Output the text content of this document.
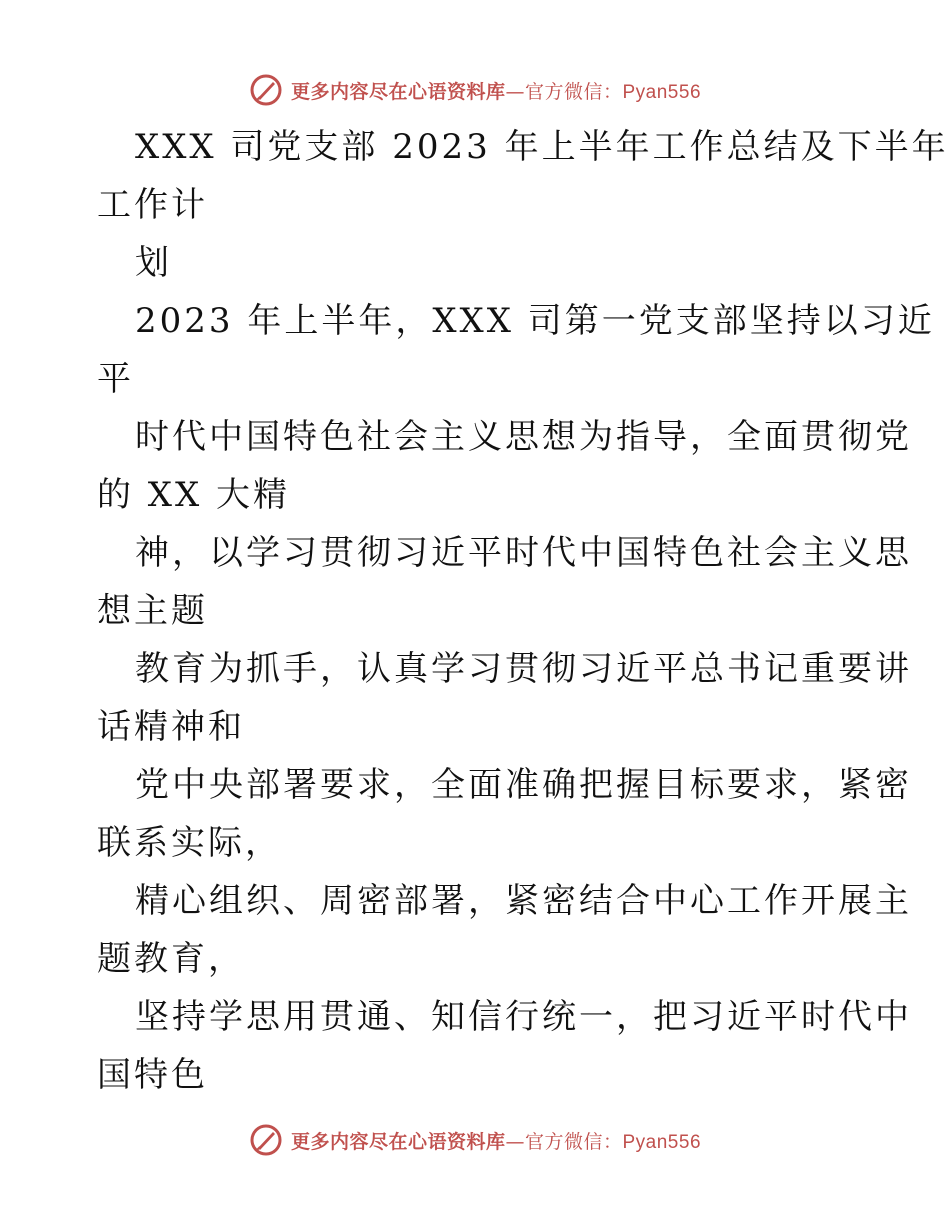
更多内容尽在心语资料库—官方微信：Pyan556
XXX 司党支部 2023 年上半年工作总结及下半年
工作计
划
2023 年上半年，XXX 司第一党支部坚持以习近
平
时代中国特色社会主义思想为指导，全面贯彻党
的 XX 大精
神，以学习贯彻习近平时代中国特色社会主义思
想主题
教育为抓手，认真学习贯彻习近平总书记重要讲
话精神和
党中央部署要求，全面准确把握目标要求，紧密
联系实际，
精心组织、周密部署，紧密结合中心工作开展主
题教育，
坚持学思用贯通、知信行统一，把习近平时代中
国特色
更多内容尽在心语资料库—官方微信：Pyan556
